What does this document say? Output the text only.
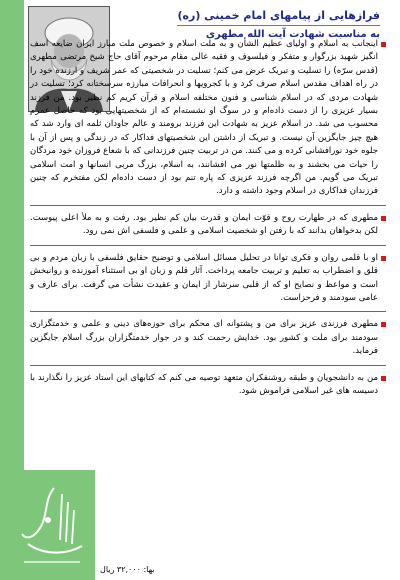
فرازهایی از پیامهای امام خمینی (ره)
به مناسبت شهادت آیت الله مطهری

اینجانب به اسلام و اولیای عظیم الشأن و به ملت اسلام و خصوص ملت مبارز ایران ضایعه اسف انگیز شهید بزرگوار و متفکر و فیلسوف و فقیه عالی مقام مرحوم آقای حاج شیخ مرتضی مطهری (قدس سرّه) را تسلیت و تبریک عرض می کنم؛ تسلیت در شخصیتی که عمر شریف و ارزنده خود را در راه اهداف مقدس اسلام صرف کرد و با کجرویها و انحرافات مبارزه سرسختانه کرد؛ تسلیت در شهادت مردی که در اسلام شناسی و فنون مختلفه اسلام و قرآن کریم کم نظیر بود. من فرزند بسیار عزیزی را از دست داده‌ام و در سوگ او نشسته‌ام که از شخصیتهایی بود که حاصل عمرم محسوب می شد. در اسلام عزیز به شهادت این فرزند برومند و عالم جاودان ثلمه ای وارد شد که هیچ چیز جایگزین آن نیست. و تبریک از داشتن این شخصیتهای فداکار که در زندگی و پس از آن با جلوه خود نورافشانی کرده و می کنند. من در تربیت چنین فرزندانی که با شعاع فروزان خود مردگان را حیات می بخشند و به ظلمتها نور می افشانند، به اسلام، بزرگ مربی انسانها و امت اسلامی تبریک می گویم. من اگرچه فرزند عزیزی که پاره تنم بود از دست داده‌ام لکن مفتخرم که چنین فرزندان فداکاری در اسلام وجود داشته و دارد.

مطهری که در طهارت روح و قوّت ایمان و قدرت بیان کم نظیر بود. رفت و به ملأ اعلی پیوست. لکن بدخواهان بدانند که با رفتن او شخصیت اسلامی و علمی و فلسفی اش نمی رود.

او با قلمی روان و فکری توانا در تحلیل مسائل اسلامی و توضیح حقایق فلسفی با زبان مردم و بی قلق و اضطراب به تعلیم و تربیت جامعه پرداخت. آثار قلم و زبان او بی استثناء آموزنده و روانبخش است و مواعظ و نصایح او که از قلبی سرشار از ایمان و عقیدت نشأت می گرفت. برای عارف و عامی سودمند و فرحزاست.

مطهری فرزندی عزیز برای من و پشتوانه ای محکم برای حوزه‌های دینی و علمی و خدمتگزاری سودمند برای ملت و کشور بود. خدایش رحمت کند و در جوار خدمتگزاران بزرگ اسلام جایگزین فرماید.

من به دانشجویان و طبقه روشنفکران متعهد توصیه می کنم که کتابهای این استاد عزیز را نگذارند با دسیسه های غیر اسلامی فراموش شود.

بها: ۳۲,۰۰۰ ریال
